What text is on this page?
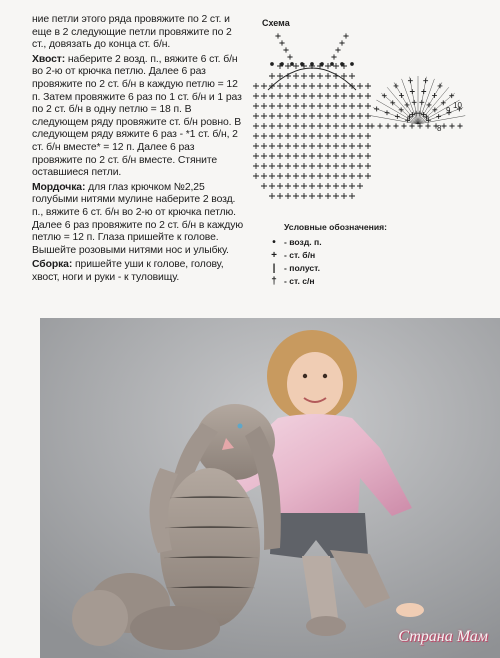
ние петли этого ряда провяжите по 2 ст. и еще в 2 следующие петли провяжите по 2 ст., довязать до конца ст. б/н.

Хвост: наберите 2 возд. п., вяжите 6 ст. б/н во 2-ю от крючка петлю. Далее 6 раз провяжите по 2 ст. б/н в каждую петлю = 12 п. Затем провяжите 6 раз по 1 ст. б/н и 1 раз по 2 ст. б/н в одну петлю = 18 п. В следующем ряду провяжите ст. б/н ровно. В следующем ряду вяжите 6 раз - *1 ст. б/н, 2 ст. б/н вместе* = 12 п. Далее 6 раз провяжите по 2 ст. б/н вместе. Стяните оставшиеся петли.

Мордочка: для глаз крючком №2,25 голубыми нитями мулине наберите 2 возд. п., вяжите 6 ст. б/н во 2-ю от крючка петлю. Далее 6 раз провяжите по 2 ст. б/н в каждую петлю = 12 п. Глаза пришейте к голове. Вышейте розовыми нитями нос и улыбку.

Сборка: пришейте уши к голове, голову, хвост, ноги и руки - к туловищу.

Схема
8
9
10
Условные обозначения:
• - возд. п.
+ - ст. б/н
| - полуст.
† - ст. с/н
Страна Мам
